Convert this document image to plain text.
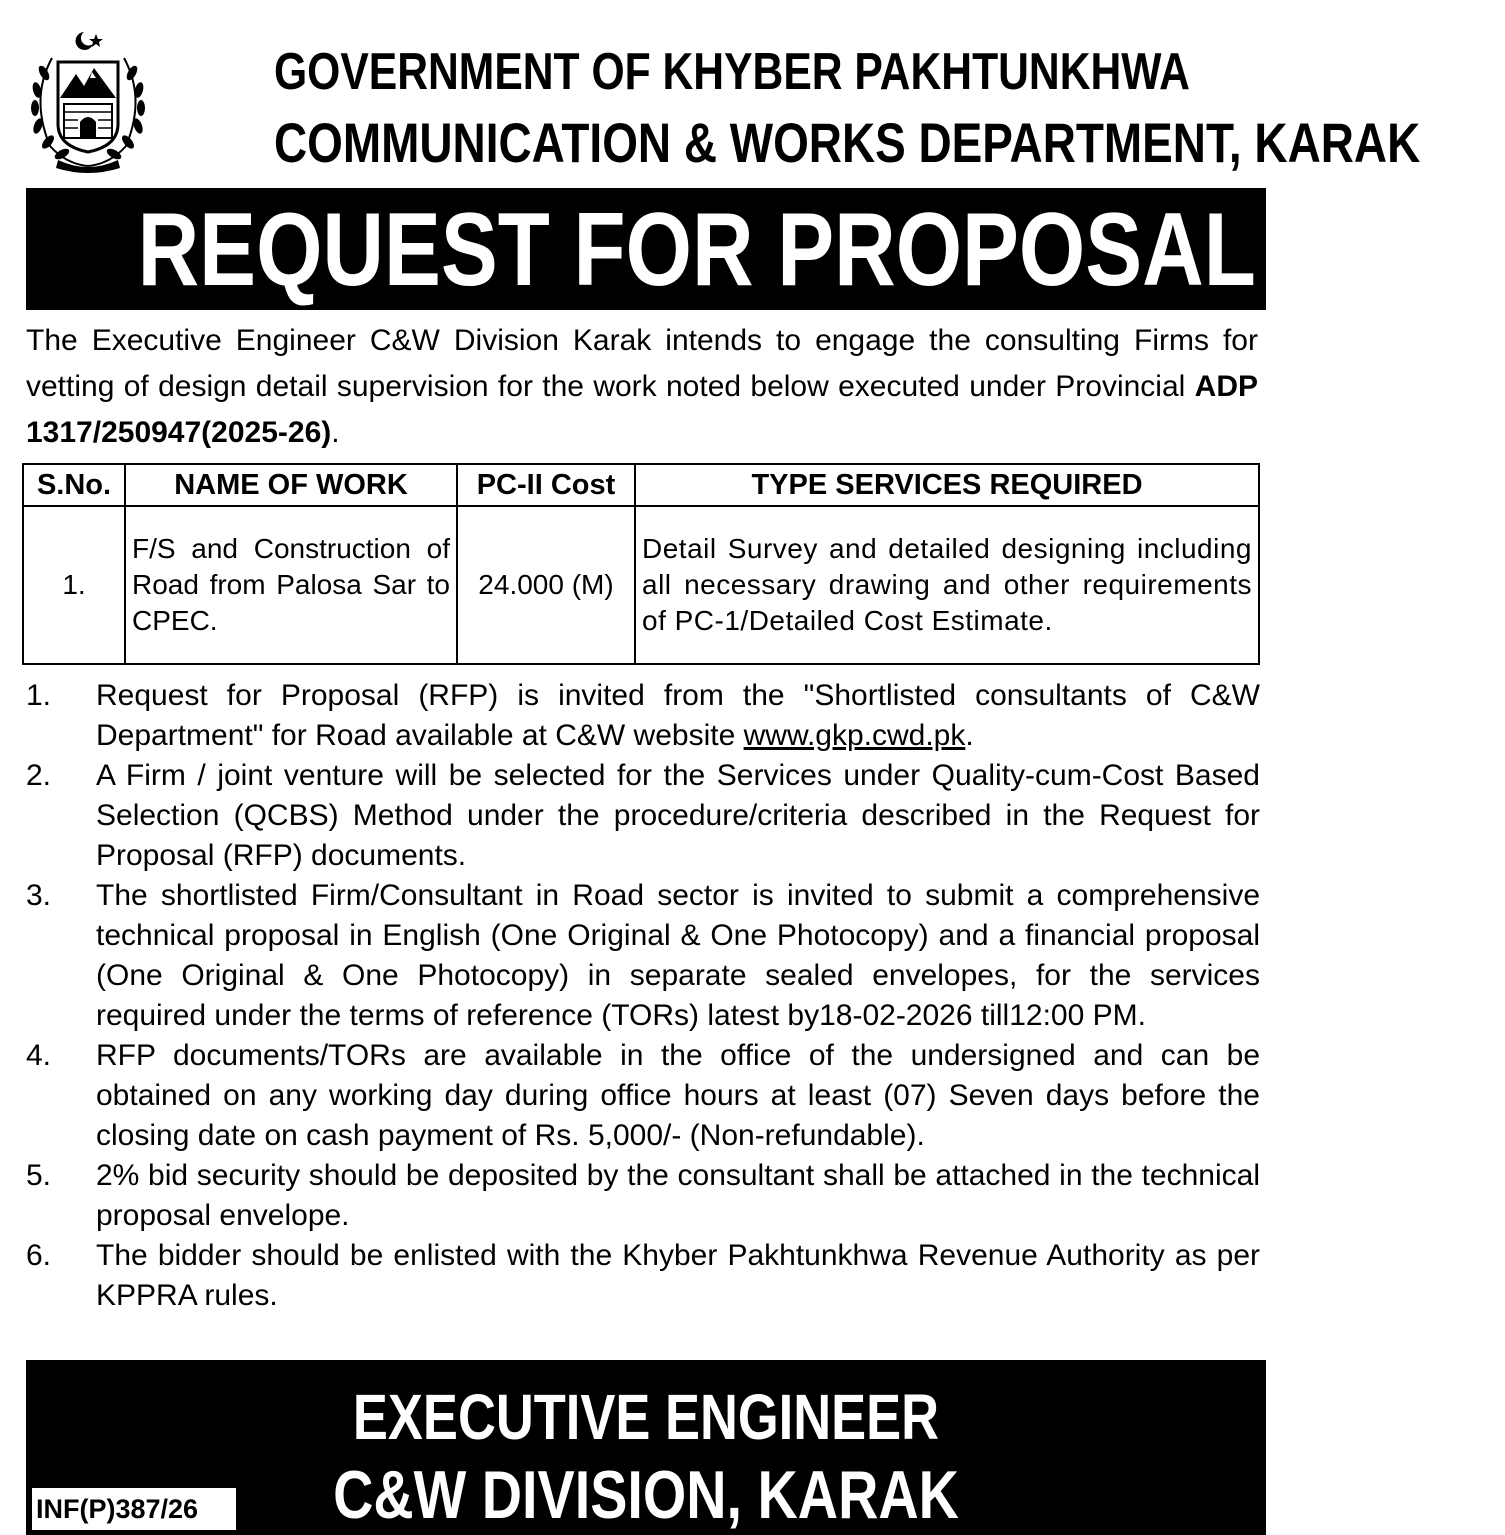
GOVERNMENT OF KHYBER PAKHTUNKHWA
COMMUNICATION & WORKS DEPARTMENT, KARAK
REQUEST FOR PROPOSAL (RFP)
The Executive Engineer C&W Division Karak intends to engage the consulting Firms for vetting of design detail supervision for the work noted below executed under Provincial ADP 1317/250947(2025-26).
S.No.	NAME OF WORK	PC-II Cost	TYPE SERVICES REQUIRED
1.	F/S and Construction of Road from Palosa Sar to CPEC.	24.000 (M)	Detail Survey and detailed designing including all necessary drawing and other requirements of PC-1/Detailed Cost Estimate.
1. Request for Proposal (RFP) is invited from the "Shortlisted consultants of C&W Department" for Road available at C&W website www.gkp.cwd.pk.
2. A Firm / joint venture will be selected for the Services under Quality-cum-Cost Based Selection (QCBS) Method under the procedure/criteria described in the Request for Proposal (RFP) documents.
3. The shortlisted Firm/Consultant in Road sector is invited to submit a comprehensive technical proposal in English (One Original & One Photocopy) and a financial proposal (One Original & One Photocopy) in separate sealed envelopes, for the services required under the terms of reference (TORs) latest by18-02-2026 till12:00 PM.
4. RFP documents/TORs are available in the office of the undersigned and can be obtained on any working day during office hours at least (07) Seven days before the closing date on cash payment of Rs. 5,000/- (Non-refundable).
5. 2% bid security should be deposited by the consultant shall be attached in the technical proposal envelope.
6. The bidder should be enlisted with the Khyber Pakhtunkhwa Revenue Authority as per KPPRA rules.
EXECUTIVE ENGINEER
C&W DIVISION, KARAK
INF(P)387/26
